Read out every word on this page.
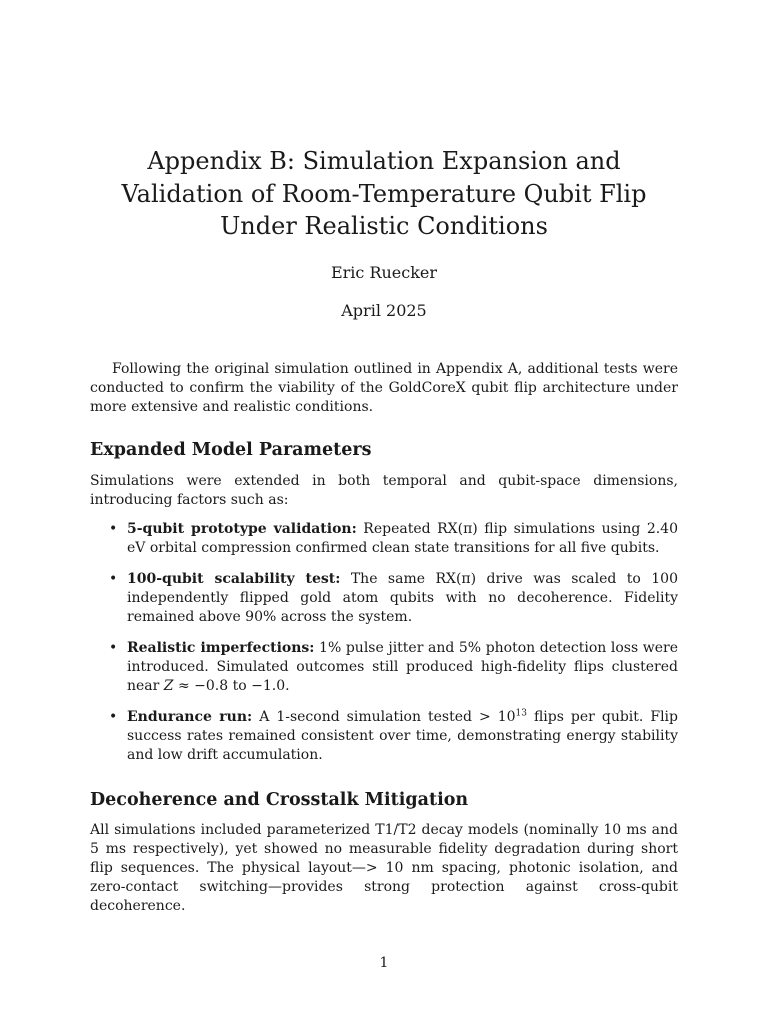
Appendix B: Simulation Expansion and Validation of Room-Temperature Qubit Flip Under Realistic Conditions
Eric Ruecker
April 2025

Following the original simulation outlined in Appendix A, additional tests were conducted to confirm the viability of the GoldCoreX qubit flip architecture under more extensive and realistic conditions.

Expanded Model Parameters

Simulations were extended in both temporal and qubit-space dimensions, introducing factors such as:

• 5-qubit prototype validation: Repeated RX(π) flip simulations using 2.40 eV orbital compression confirmed clean state transitions for all five qubits.
• 100-qubit scalability test: The same RX(π) drive was scaled to 100 independently flipped gold atom qubits with no decoherence. Fidelity remained above 90% across the system.
• Realistic imperfections: 1% pulse jitter and 5% photon detection loss were introduced. Simulated outcomes still produced high-fidelity flips clustered near Z ≈ −0.8 to −1.0.
• Endurance run: A 1-second simulation tested > $10^{13}$ flips per qubit. Flip success rates remained consistent over time, demonstrating energy stability and low drift accumulation.
Decoherence and Crosstalk Mitigation

All simulations included parameterized T1/T2 decay models (nominally 10 ms and 5 ms respectively), yet showed no measurable fidelity degradation during short flip sequences. The physical layout—> 10 nm spacing, photonic isolation, and zero-contact switching—provides strong protection against cross-qubit decoherence.

1
